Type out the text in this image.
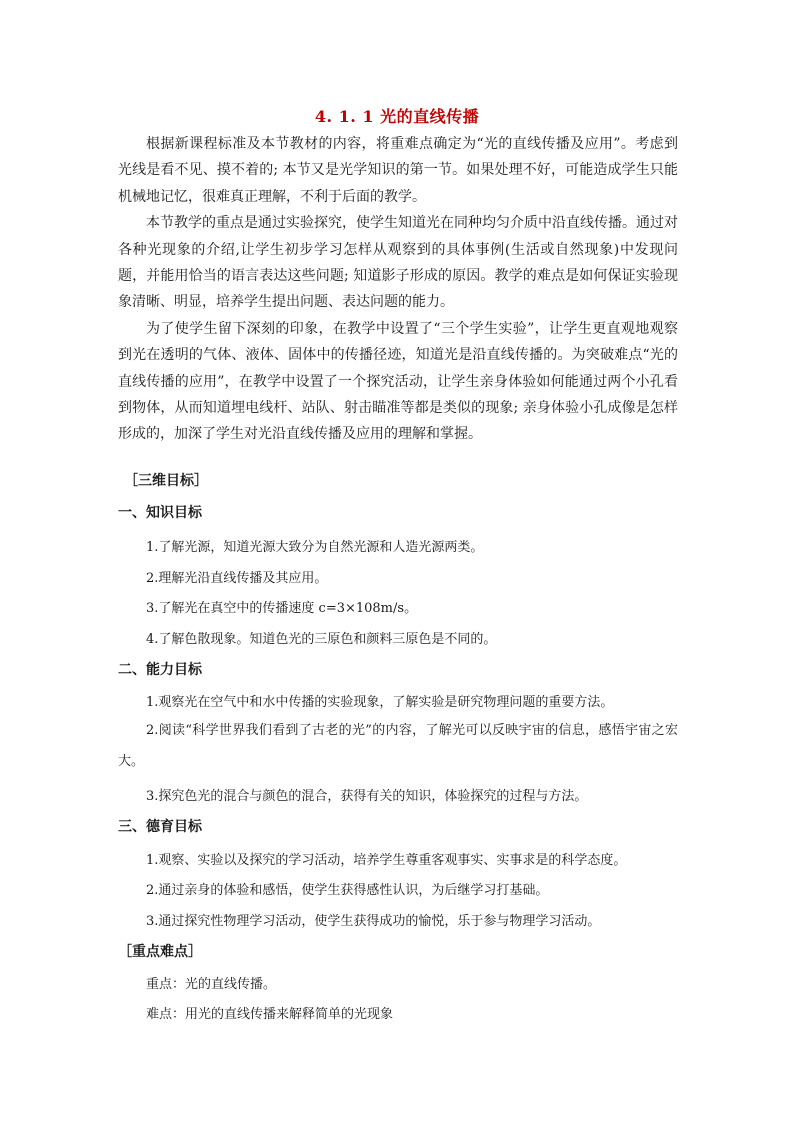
4. 1. 1 光的直线传播

根据新课程标准及本节教材的内容，将重难点确定为“光的直线传播及应用”。考虑到光线是看不见、摸不着的; 本节又是光学知识的第一节。如果处理不好，可能造成学生只能机械地记忆，很难真正理解，不利于后面的教学。

本节教学的重点是通过实验探究，使学生知道光在同种均匀介质中沿直线传播。通过对各种光现象的介绍,让学生初步学习怎样从观察到的具体事例(生活或自然现象)中发现问题，并能用恰当的语言表达这些问题; 知道影子形成的原因。教学的难点是如何保证实验现象清晰、明显，培养学生提出问题、表达问题的能力。

为了使学生留下深刻的印象，在教学中设置了“三个学生实验”，让学生更直观地观察到光在透明的气体、液体、固体中的传播径迹，知道光是沿直线传播的。为突破难点“光的直线传播的应用”，在教学中设置了一个探究活动，让学生亲身体验如何能通过两个小孔看到物体，从而知道埋电线杆、站队、射击瞄准等都是类似的现象; 亲身体验小孔成像是怎样形成的，加深了学生对光沿直线传播及应用的理解和掌握。

［三维目标］
一、知识目标
1.了解光源，知道光源大致分为自然光源和人造光源两类。
2.理解光沿直线传播及其应用。
3.了解光在真空中的传播速度 c=3×108m/s。
4.了解色散现象。知道色光的三原色和颜料三原色是不同的。
二、能力目标
1.观察光在空气中和水中传播的实验现象，了解实验是研究物理问题的重要方法。
2.阅读“科学世界我们看到了古老的光”的内容，了解光可以反映宇宙的信息，感悟宇宙之宏大。
3.探究色光的混合与颜色的混合，获得有关的知识，体验探究的过程与方法。
三、德育目标
1.观察、实验以及探究的学习活动，培养学生尊重客观事实、实事求是的科学态度。
2.通过亲身的体验和感悟，使学生获得感性认识，为后继学习打基础。
3.通过探究性物理学习活动，使学生获得成功的愉悦，乐于参与物理学习活动。
［重点难点］
重点：光的直线传播。
难点：用光的直线传播来解释简单的光现象
